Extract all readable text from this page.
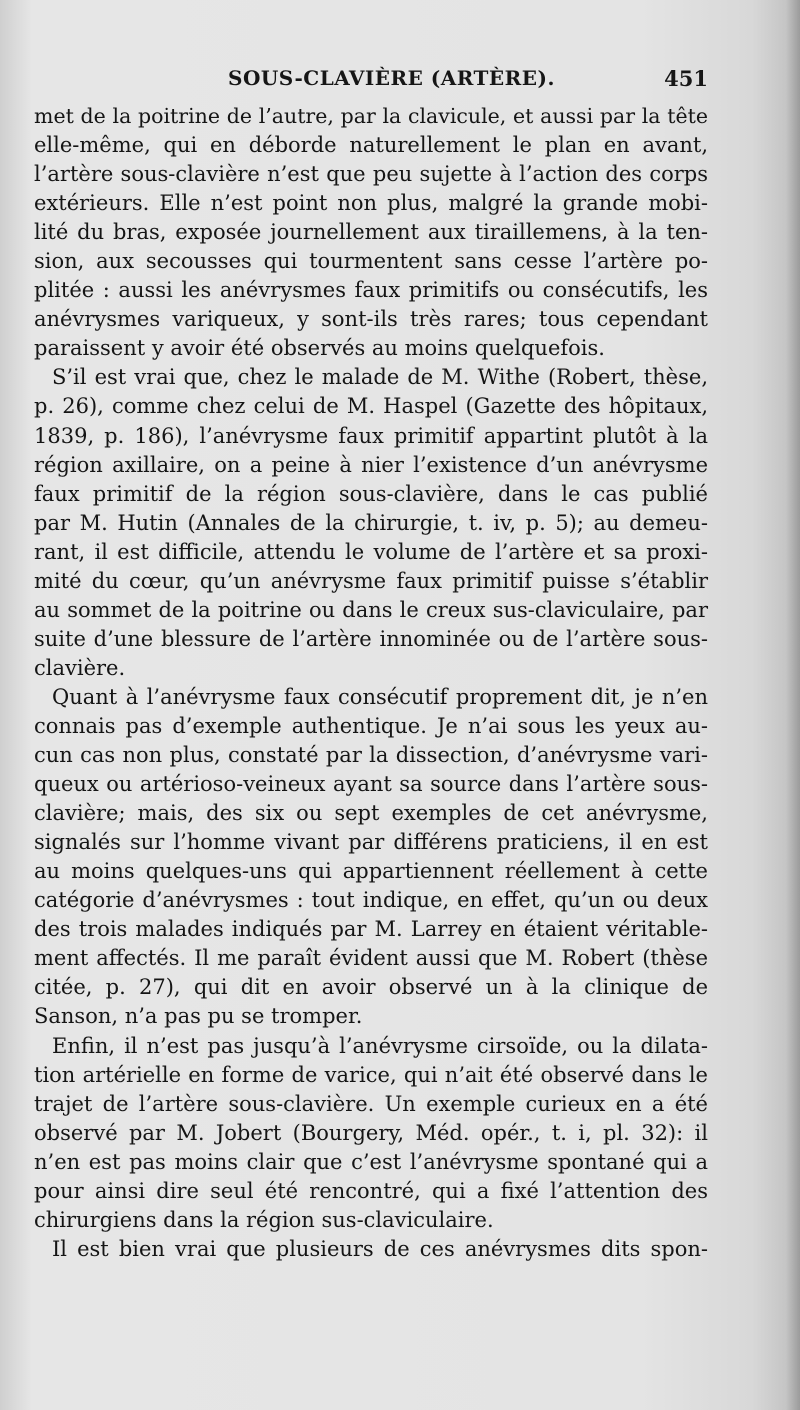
SOUS-CLAVIÈRE (ARTÈRE).	451
met de la poitrine de l’autre, par la clavicule, et aussi par la tête
elle-même, qui en déborde naturellement le plan en avant,
l’artère sous-clavière n’est que peu sujette à l’action des corps
extérieurs. Elle n’est point non plus, malgré la grande mobi-
lité du bras, exposée journellement aux tiraillemens, à la ten-
sion, aux secousses qui tourmentent sans cesse l’artère po-
plitée : aussi les anévrysmes faux primitifs ou consécutifs, les
anévrysmes variqueux, y sont-ils très rares; tous cependant
paraissent y avoir été observés au moins quelquefois.
S’il est vrai que, chez le malade de M. Withe (Robert, thèse,
p. 26), comme chez celui de M. Haspel (Gazette des hôpitaux,
1839, p. 186), l’anévrysme faux primitif appartint plutôt à la
région axillaire, on a peine à nier l’existence d’un anévrysme
faux primitif de la région sous-clavière, dans le cas publié
par M. Hutin (Annales de la chirurgie, t. iv, p. 5); au demeu-
rant, il est difficile, attendu le volume de l’artère et sa proxi-
mité du cœur, qu’un anévrysme faux primitif puisse s’établir
au sommet de la poitrine ou dans le creux sus-claviculaire, par
suite d’une blessure de l’artère innominée ou de l’artère sous-
clavière.
Quant à l’anévrysme faux consécutif proprement dit, je n’en
connais pas d’exemple authentique. Je n’ai sous les yeux au-
cun cas non plus, constaté par la dissection, d’anévrysme vari-
queux ou artérioso-veineux ayant sa source dans l’artère sous-
clavière; mais, des six ou sept exemples de cet anévrysme,
signalés sur l’homme vivant par différens praticiens, il en est
au moins quelques-uns qui appartiennent réellement à cette
catégorie d’anévrysmes : tout indique, en effet, qu’un ou deux
des trois malades indiqués par M. Larrey en étaient véritable-
ment affectés. Il me paraît évident aussi que M. Robert (thèse
citée, p. 27), qui dit en avoir observé un à la clinique de
Sanson, n’a pas pu se tromper.
Enfin, il n’est pas jusqu’à l’anévrysme cirsoïde, ou la dilata-
tion artérielle en forme de varice, qui n’ait été observé dans le
trajet de l’artère sous-clavière. Un exemple curieux en a été
observé par M. Jobert (Bourgery, Méd. opér., t. i, pl. 32): il
n’en est pas moins clair que c’est l’anévrysme spontané qui a
pour ainsi dire seul été rencontré, qui a fixé l’attention des
chirurgiens dans la région sus-claviculaire.
Il est bien vrai que plusieurs de ces anévrysmes dits spon-
